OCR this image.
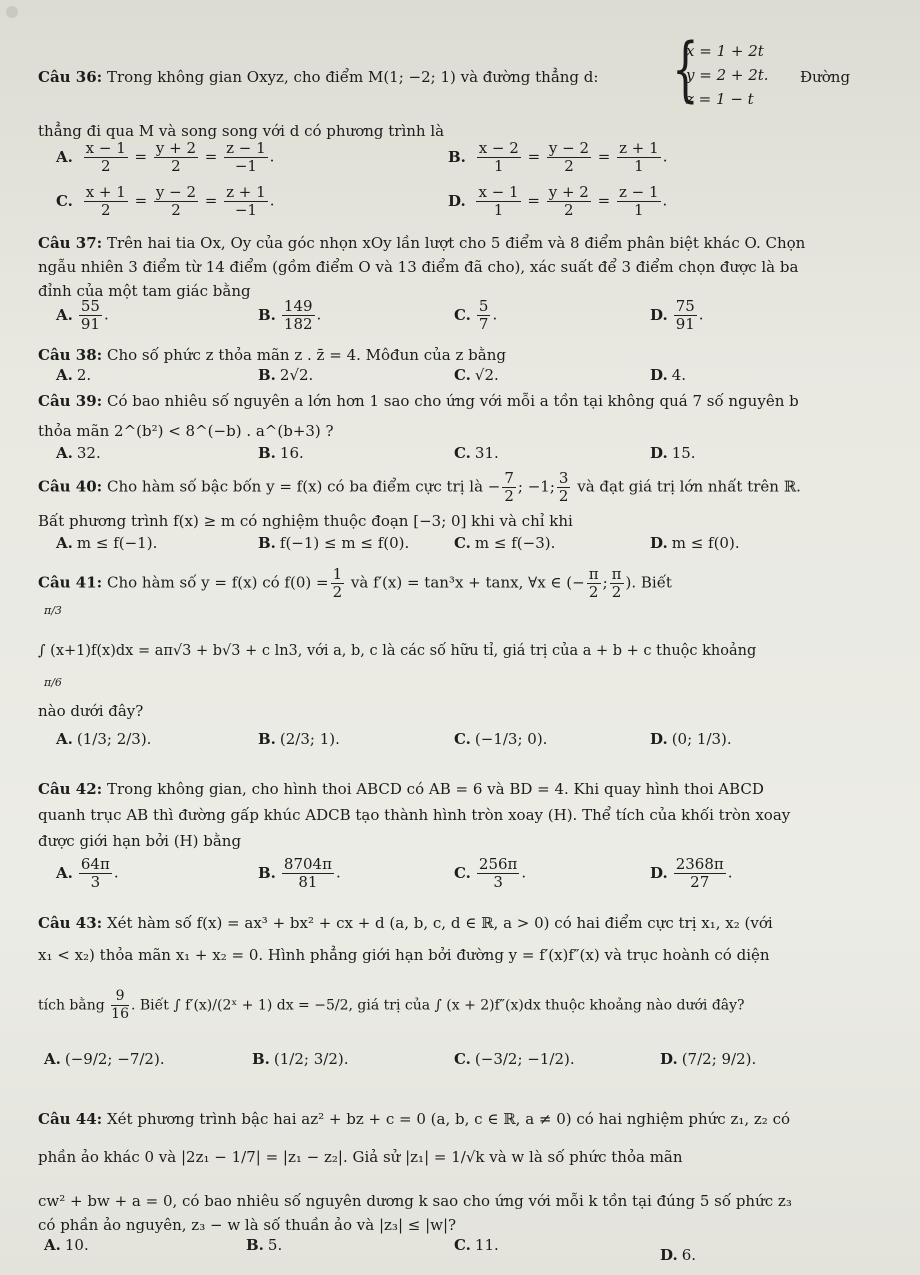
Câu 36: Trong không gian Oxyz, cho điểm M(1; −2; 1) và đường thẳng d:	{
x = 1 + 2t
y = 2 + 2t.
z = 1 − t
Đường
thẳng đi qua M và song song với d có phương trình là
A. $\frac{x - 1}{2} = \frac{y + 2}{2} = \frac{z - 1}{-1}$ .	B. $\frac{x - 2}{1} = \frac{y - 2}{2} = \frac{z + 1}{1}$ .
C. $\frac{x + 1}{2} = \frac{y - 2}{2} = \frac{z + 1}{-1}$ .	D. $\frac{x - 1}{1} = \frac{y + 2}{2} = \frac{z - 1}{1}$ .
Câu 37: Trên hai tia Ox, Oy của góc nhọn xOy lần lượt cho 5 điểm và 8 điểm phân biệt khác O. Chọn
ngẫu nhiên 3 điểm từ 14 điểm (gồm điểm O và 13 điểm đã cho), xác suất để 3 điểm chọn được là ba
đỉnh của một tam giác bằng
A. $\frac{55}{91}$ .	B. $\frac{149}{182}$ .	C. $\frac{5}{7}$ .	D. $\frac{75}{91}$ .
Câu 38: Cho số phức z thỏa mãn z . z̄ = 4. Môđun của z bằng
A. 2.	B. 2√2.	C. √2.	D. 4.
Câu 39: Có bao nhiêu số nguyên a lớn hơn 1 sao cho ứng với mỗi a tồn tại không quá 7 số nguyên b
thỏa mãn 2^(b²) < 8^(−b) . a^(b+3) ?
A. 32.	B. 16.	C. 31.	D. 15.
Câu 40: Cho hàm số bậc bốn y = f(x) có ba điểm cực trị là − $\frac{7}{2}$ ; −1; $\frac{3}{2}$ và đạt giá trị lớn nhất trên ℝ.
Bất phương trình f(x) ≥ m có nghiệm thuộc đoạn [−3; 0] khi và chỉ khi
A. m ≤ f(−1).	B. f(−1) ≤ m ≤ f(0).	C. m ≤ f(−3).	D. m ≤ f(0).
Câu 41: Cho hàm số y = f(x) có $f(0) = \frac{1}{2}$ và f′(x) = tan³x + tanx, ∀x ∈ (− $\frac{\pi}{2}$ ; $\frac{\pi}{2}$ ). Biết
π/3
π/6
∫ (x+1)f(x)dx = aπ√3 + b√3 + c ln3, với a, b, c là các số hữu tỉ, giá trị của a + b + c thuộc khoảng
nào dưới đây?
A. (1/3; 2/3).	B. (2/3; 1).	C. (−1/3; 0).	D. (0; 1/3).
Câu 42: Trong không gian, cho hình thoi ABCD có AB = 6 và BD = 4. Khi quay hình thoi ABCD
quanh trục AB thì đường gấp khúc ADCB tạo thành hình tròn xoay (H). Thể tích của khối tròn xoay
được giới hạn bởi (H) bằng
A. $\frac{64\pi}{3}$ .	B. $\frac{8704\pi}{81}$ .	C. $\frac{256\pi}{3}$ .	D. $\frac{2368\pi}{27}$ .
Câu 43: Xét hàm số f(x) = ax³ + bx² + cx + d (a, b, c, d ∈ ℝ, a > 0) có hai điểm cực trị x₁, x₂ (với
x₁ < x₂) thỏa mãn x₁ + x₂ = 0. Hình phẳng giới hạn bởi đường y = f′(x)f″(x) và trục hoành có diện
tích bằng $\frac{9}{16}$ . Biết ∫ f′(x)/(2ˣ + 1) dx = −5/2, giá trị của ∫ (x + 2)f″(x)dx thuộc khoảng nào dưới đây?
A. (−9/2; −7/2).	B. (1/2; 3/2).	C. (−3/2; −1/2).	D. (7/2; 9/2).
Câu 44: Xét phương trình bậc hai az² + bz + c = 0 (a, b, c ∈ ℝ, a ≠ 0) có hai nghiệm phức z₁, z₂ có
phần ảo khác 0 và |2z₁ − 1/7| = |z₁ − z₂|. Giả sử |z₁| = 1/√k và w là số phức thỏa mãn
cw² + bw + a = 0, có bao nhiêu số nguyên dương k sao cho ứng với mỗi k tồn tại đúng 5 số phức z₃
có phần ảo nguyên, z₃ − w là số thuần ảo và |z₃| ≤ |w|?
A. 10.	B. 5.	C. 11.
D. 6.
